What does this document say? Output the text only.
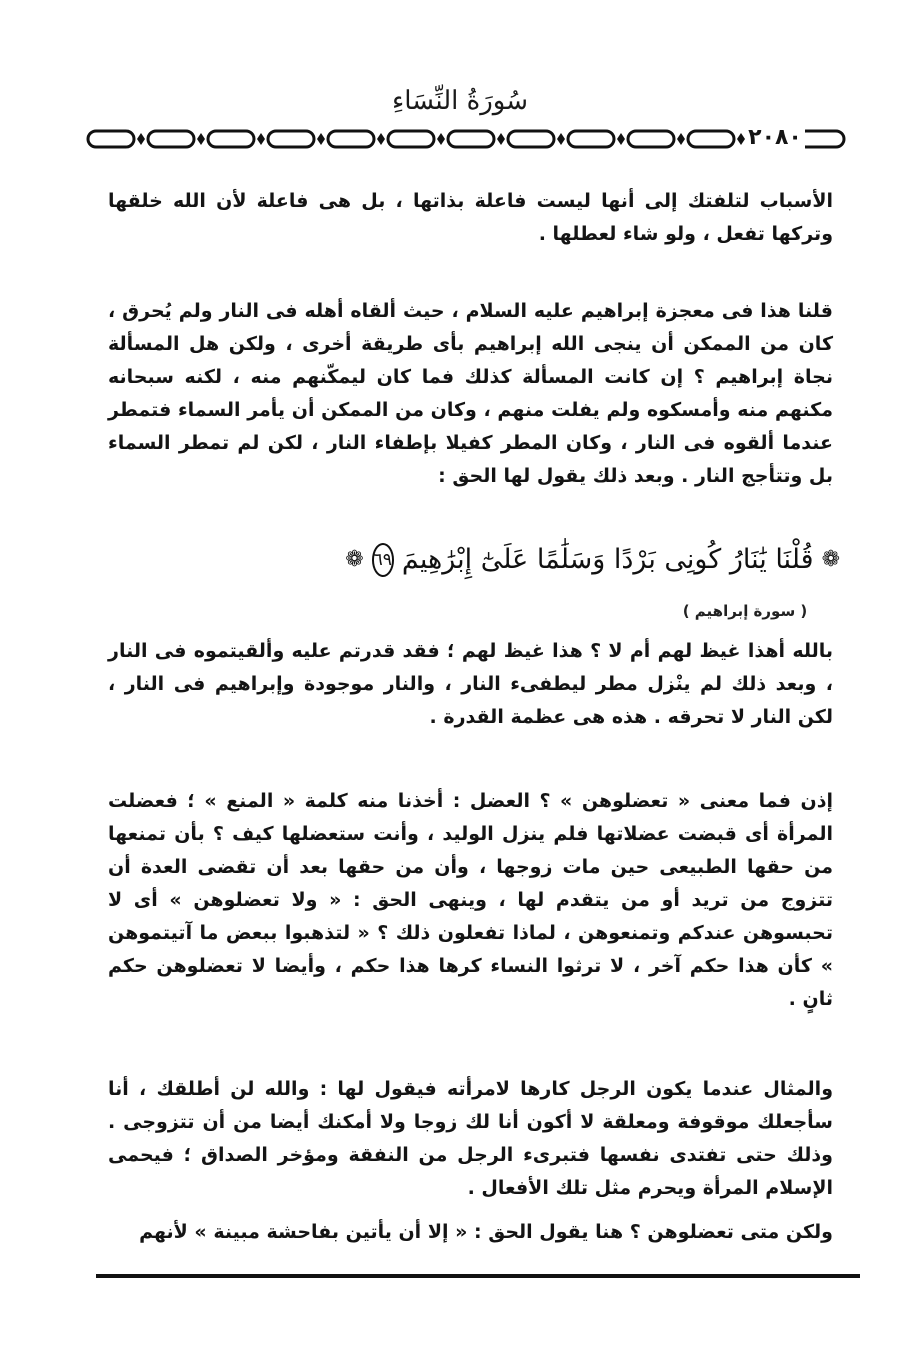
سُورَةُ النِّسَاءِ
٢٠٨٠

الأسباب لتلفتك إلى أنها ليست فاعلة بذاتها ، بل هى فاعلة لأن الله خلقها وتركها تفعل ، ولو شاء لعطلها .

قلنا هذا فى معجزة إبراهيم عليه السلام ، حيث ألقاه أهله فى النار ولم يُحرق ، كان من الممكن أن ينجى الله إبراهيم بأى طريقة أخرى ، ولكن هل المسألة نجاة إبراهيم ؟ إن كانت المسألة كذلك فما كان ليمكّنهم منه ، لكنه سبحانه مكنهم منه وأمسكوه ولم يفلت منهم ، وكان من الممكن أن يأمر السماء فتمطر عندما ألقوه فى النار ، وكان المطر كفيلا بإطفاء النار ، لكن لم تمطر السماء بل وتتأجج النار . وبعد ذلك يقول لها الحق :

❁
قُلْنَا يَٰنَارُ كُونِى بَرْدًا وَسَلَٰمًا عَلَىٰٓ إِبْرَٰهِيمَ
٦٩
❁
( سورة إبراهيم )

بالله أهذا غيظ لهم أم لا ؟ هذا غيظ لهم ؛ فقد قدرتم عليه وألقيتموه فى النار ، وبعد ذلك لم ينْزل مطر ليطفىء النار ، والنار موجودة وإبراهيم فى النار ، لكن النار لا تحرقه . هذه هى عظمة القدرة .

إذن فما معنى « تعضلوهن » ؟ العضل : أخذنا منه كلمة « المنع » ؛ فعضلت المرأة أى قبضت عضلاتها فلم ينزل الوليد ، وأنت ستعضلها كيف ؟ بأن تمنعها من حقها الطبيعى حين مات زوجها ، وأن من حقها بعد أن تقضى العدة أن تتزوج من تريد أو من يتقدم لها ، وينهى الحق : « ولا تعضلوهن » أى لا تحبسوهن عندكم وتمنعوهن ، لماذا تفعلون ذلك ؟ « لتذهبوا ببعض ما آتيتموهن » كأن هذا حكم آخر ، لا ترثوا النساء كرها هذا حكم ، وأيضا لا تعضلوهن حكم ثانٍ .

والمثال عندما يكون الرجل كارها لامرأته فيقول لها : والله لن أطلقك ، أنا سأجعلك موقوفة ومعلقة لا أكون أنا لك زوجا ولا أمكنك أيضا من أن تتزوجى . وذلك حتى تفتدى نفسها فتبرىء الرجل من النفقة ومؤخر الصداق ؛ فيحمى الإسلام المرأة ويحرم مثل تلك الأفعال .

ولكن متى تعضلوهن ؟ هنا يقول الحق : « إلا أن يأتين بفاحشة مبينة » لأنهم
